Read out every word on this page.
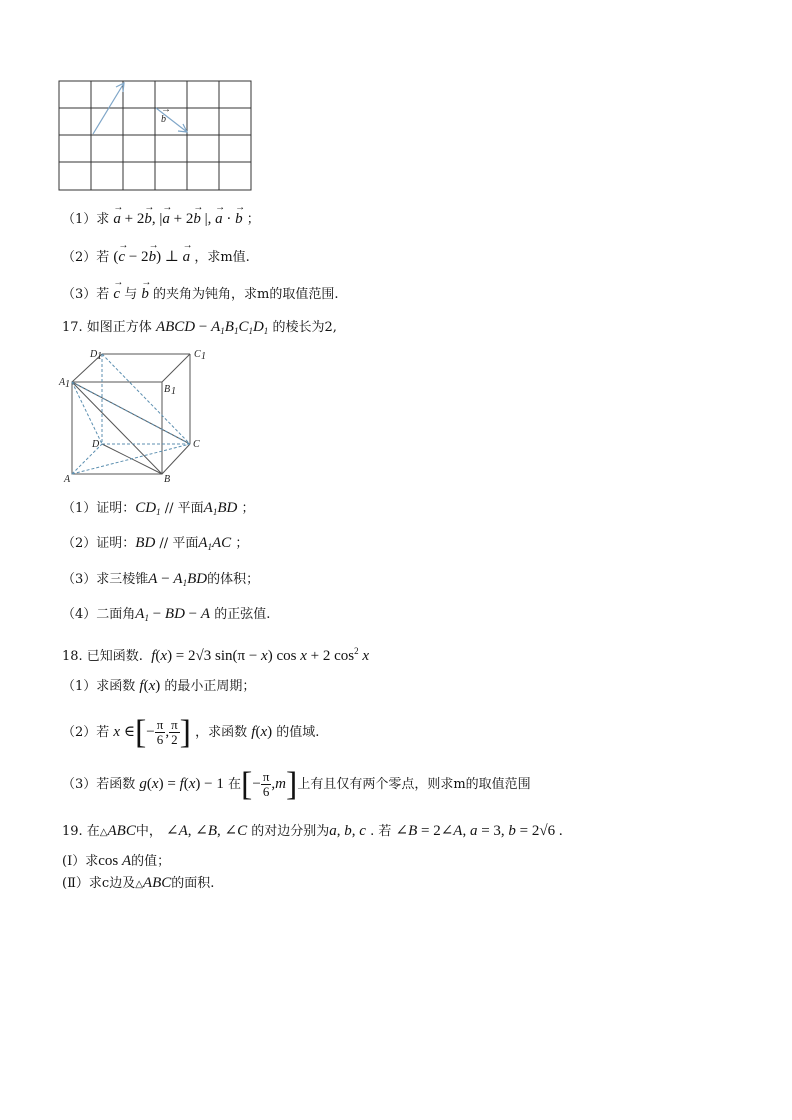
b
→
（1）求 → a + 2→ b, |→ a + 2→ b |, → a · → b ；
（2）若 (→ c − 2→ b) ⊥ → a ，求m值.
（3）若 → c 与 → b 的夹角为钝角，求m的取值范围.
17. 如图正方体 ABCD − $A_1B_1C_1D_1$ 的棱长为2,
D 1	C 1
A 1	B 1
D	C
A	B
（1）证明：$CD_1$ // 平面$A_1BD$ ；
（2）证明：BD // 平面$A_1AC$ ；
（3）求三棱锥$A - A_1BD$的体积；
（4）二面角$A_1$ − BD − A 的正弦值.
18. 已知函数. f(x) = 2√3 sin(π − x) cos x + 2 $\cos^2 x$
（1）求函数 f(x) 的最小正周期；
（2）若 x ∈[− $\frac{\pi}{6}$ , $\frac{\pi}{2}$ ] ，求函数 f(x) 的值域.
（3）若函数 g(x) = f(x) − 1 在[− $\frac{\pi}{6} ,m$]上有且仅有两个零点，则求m的取值范围
19. 在△ABC中， ∠A, ∠B, ∠C 的对边分别为a, b, c . 若 ∠B = 2∠A, a = 3, b = 2√6 .
(I）求cos A的值；
(Ⅱ）求c边及△ABC的面积.
